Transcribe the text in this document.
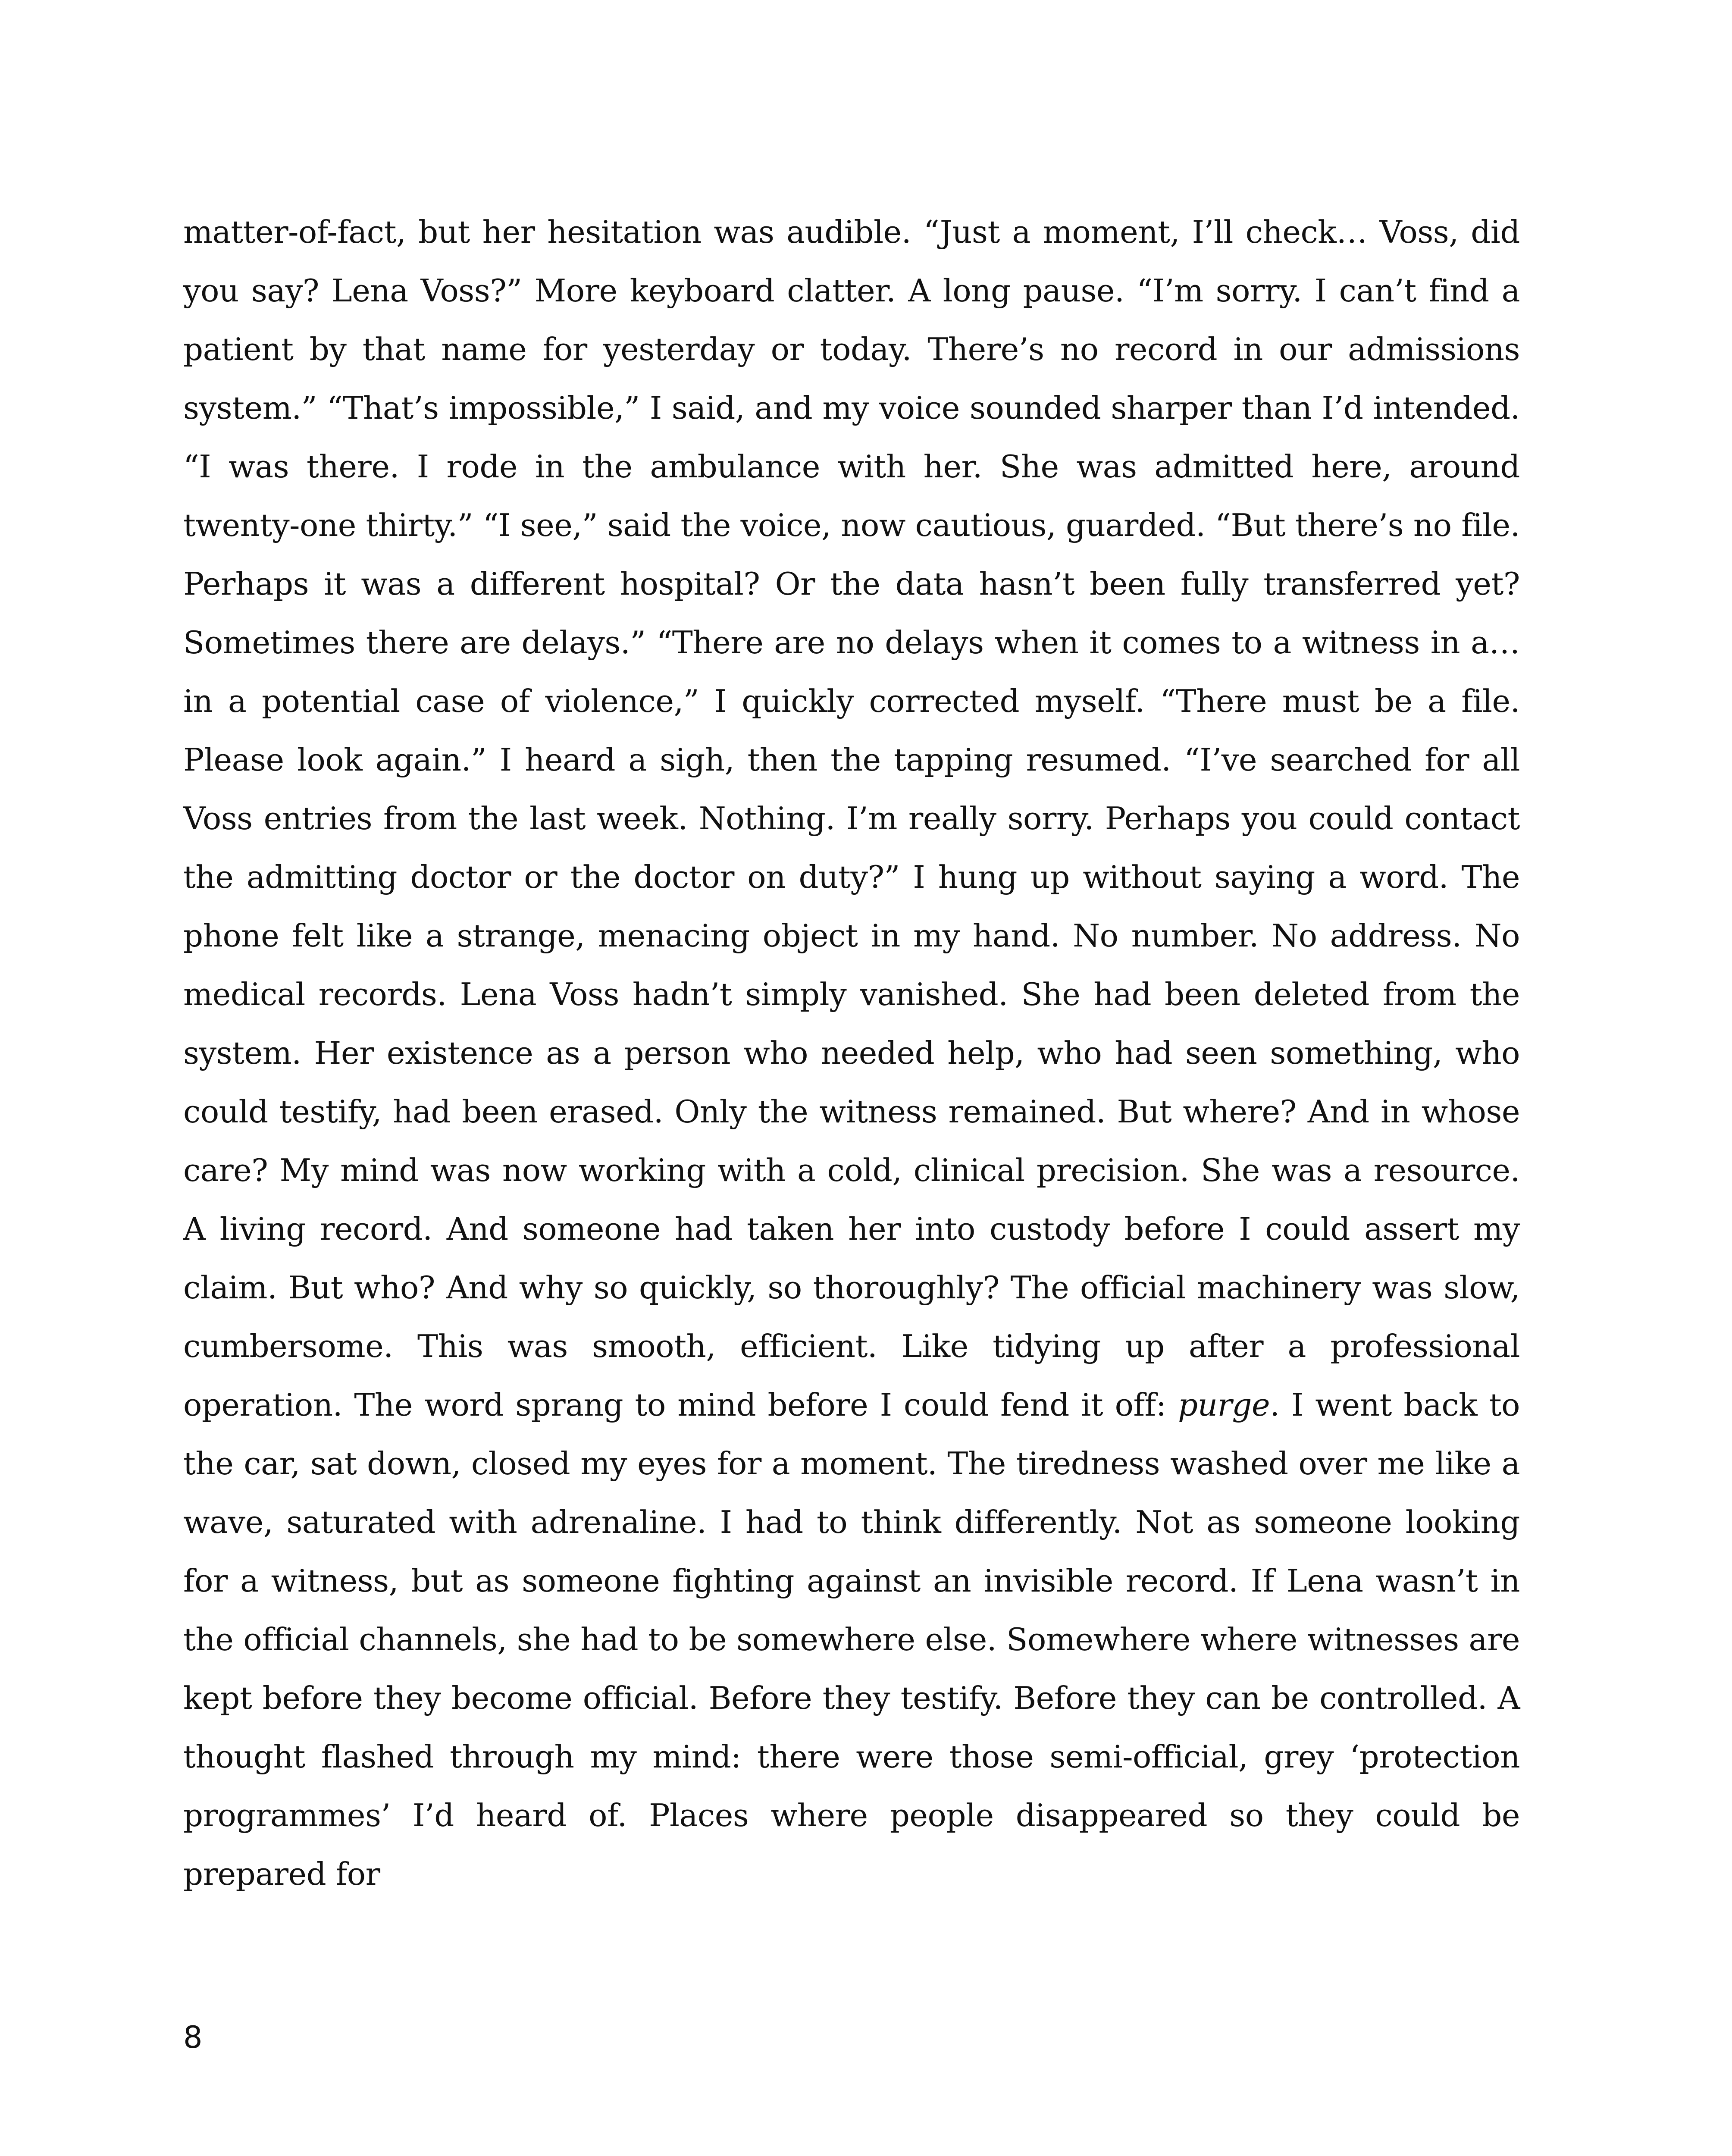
matter-of-fact, but her hesitation was audible. “Just a moment, I’ll check… Voss, did you say? Lena Voss?” More keyboard clatter. A long pause. “I’m sorry. I can’t find a patient by that name for yesterday or today. There’s no record in our admissions system.” “That’s impossible,” I said, and my voice sounded sharper than I’d intended. “I was there. I rode in the ambulance with her. She was admitted here, around twenty-one thirty.” “I see,” said the voice, now cautious, guarded. “But there’s no file. Perhaps it was a different hospital? Or the data hasn’t been fully transferred yet? Sometimes there are delays.” “There are no delays when it comes to a witness in a… in a potential case of violence,” I quickly corrected myself. “There must be a file. Please look again.” I heard a sigh, then the tapping resumed. “I’ve searched for all Voss entries from the last week. Nothing. I’m really sorry. Perhaps you could contact the admitting doctor or the doctor on duty?” I hung up without saying a word. The phone felt like a strange, menacing object in my hand. No number. No address. No medical records. Lena Voss hadn’t simply vanished. She had been deleted from the system. Her existence as a person who needed help, who had seen something, who could testify, had been erased. Only the witness remained. But where? And in whose care? My mind was now working with a cold, clinical precision. She was a resource. A living record. And someone had taken her into custody before I could assert my claim. But who? And why so quickly, so thoroughly? The official machinery was slow, cumbersome. This was smooth, efficient. Like tidying up after a professional operation. The word sprang to mind before I could fend it off: purge. I went back to the car, sat down, closed my eyes for a moment. The tiredness washed over me like a wave, saturated with adrenaline. I had to think differently. Not as someone looking for a witness, but as someone fighting against an invisible record. If Lena wasn’t in the official channels, she had to be somewhere else. Somewhere where witnesses are kept before they become official. Before they testify. Before they can be controlled. A thought flashed through my mind: there were those semi-official, grey ‘protection programmes’ I’d heard of. Places where people disappeared so they could be prepared for

8
